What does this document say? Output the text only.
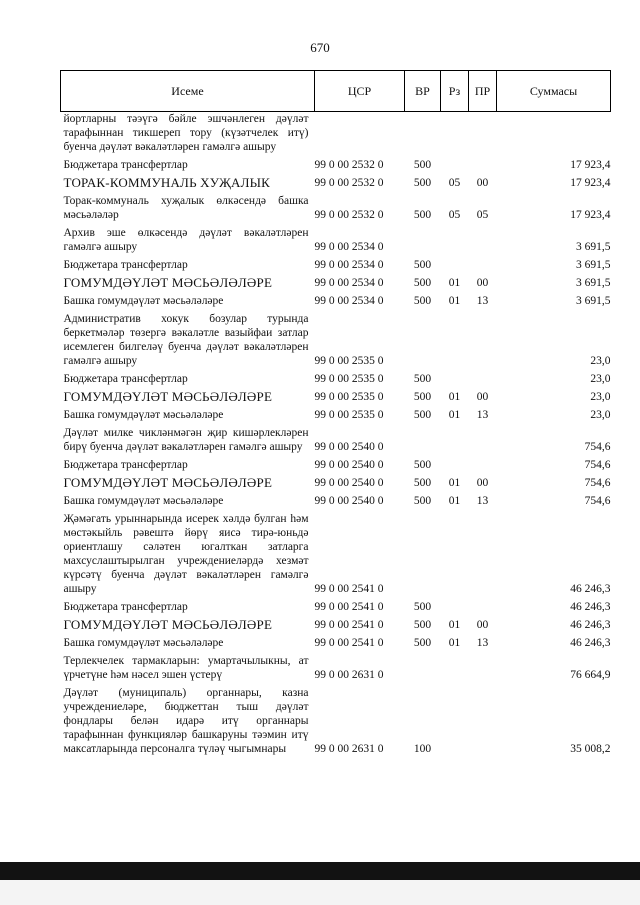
670
Исеме	ЦСР	ВР	Рз	ПР	Суммасы
йортларны тәэүгә бәйле эшчәнлеген дәүләт тарафыннан тикшереп тору (күзәтчелек итү) буенча дәүләт вәкаләтләрен гамәлгә ашыру					
Бюджетара трансфертлар	99 0 00 2532 0	500			17 923,4
ТОРАК-КОММУНАЛЬ ХУҖАЛЫК	99 0 00 2532 0	500	05	00	17 923,4
Торак-коммуналь хуҗалык өлкәсендә башка мәсьәләләр	99 0 00 2532 0	500	05	05	17 923,4
Архив эше өлкәсендә дәүләт вәкаләтләрен гамәлгә ашыру	99 0 00 2534 0				3 691,5
Бюджетара трансфертлар	99 0 00 2534 0	500			3 691,5
ГОМУМДӘҮЛӘТ МӘСЬӘЛӘЛӘРЕ	99 0 00 2534 0	500	01	00	3 691,5
Башка гомумдәүләт мәсьәләләре	99 0 00 2534 0	500	01	13	3 691,5
Административ хокук бозулар турында беркетмәләр төзергә вәкаләтле вазыйфаи затлар исемлеген билгеләү буенча дәүләт вәкаләтләрен гамәлгә ашыру	99 0 00 2535 0				23,0
Бюджетара трансфертлар	99 0 00 2535 0	500			23,0
ГОМУМДӘҮЛӘТ МӘСЬӘЛӘЛӘРЕ	99 0 00 2535 0	500	01	00	23,0
Башка гомумдәүләт мәсьәләләре	99 0 00 2535 0	500	01	13	23,0
Дәүләт милке чикләнмәгән җир кишәрлекләрен бирү буенча дәүләт вәкаләтләрен гамәлгә ашыру	99 0 00 2540 0				754,6
Бюджетара трансфертлар	99 0 00 2540 0	500			754,6
ГОМУМДӘҮЛӘТ МӘСЬӘЛӘЛӘРЕ	99 0 00 2540 0	500	01	00	754,6
Башка гомумдәүләт мәсьәләләре	99 0 00 2540 0	500	01	13	754,6
Җәмәгать урыннарында исерек хәлдә булган һәм мөстәкыйль рәвештә йөрү яисә тирә-юньдә ориентлашу сәләтен югалткан затларга махсуслаштырылган учреждениеләрдә хезмәт күрсәтү буенча дәүләт вәкаләтләрен гамәлгә ашыру	99 0 00 2541 0				46 246,3
Бюджетара трансфертлар	99 0 00 2541 0	500			46 246,3
ГОМУМДӘҮЛӘТ МӘСЬӘЛӘЛӘРЕ	99 0 00 2541 0	500	01	00	46 246,3
Башка гомумдәүләт мәсьәләләре	99 0 00 2541 0	500	01	13	46 246,3
Терлекчелек тармакларын: умартачылыкны, ат үрчетүне һәм нәсел эшен үстерү	99 0 00 2631 0				76 664,9
Дәүләт (муниципаль) органнары, казна учреждениеләре, бюджеттан тыш дәүләт фондлары белән идарә итү органнары тарафыннан функцияләр башкаруны тәэмин итү максатларында персоналга түләү чыгымнары	99 0 00 2631 0	100			35 008,2
